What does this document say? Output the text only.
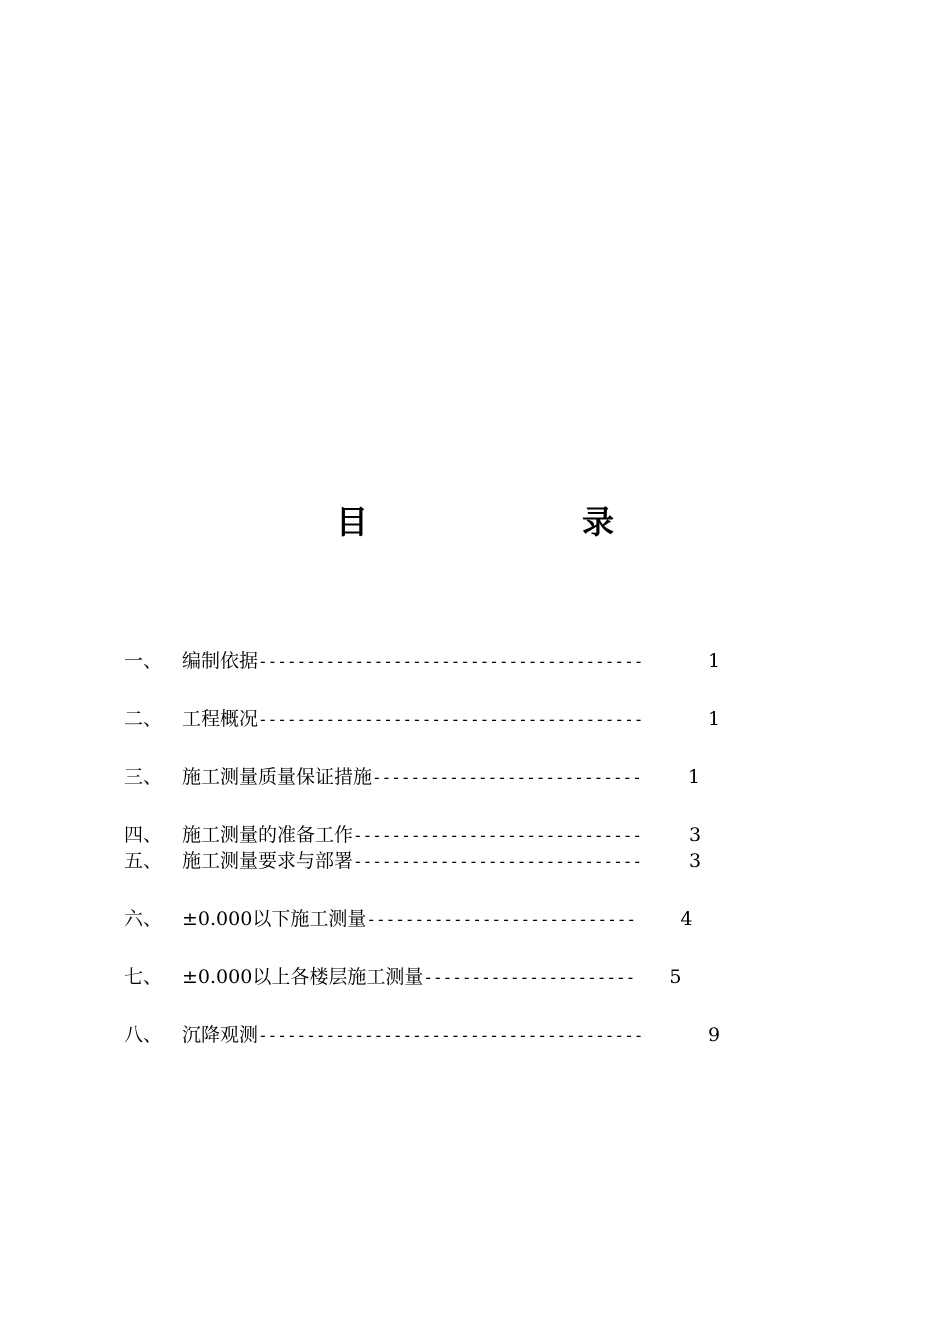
目　　录
一、	编制依据 ----------------------------------------	1
二、	工程概况 ----------------------------------------	1
三、	施工测量质量保证措施 ----------------------------	1
四、	施工测量的准备工作 ------------------------------	3
五、	施工测量要求与部署 ------------------------------	3
六、	±0.000以下施工测量 ----------------------------	4
七、	±0.000以上各楼层施工测量 ----------------------	5
八、	沉降观测 ----------------------------------------	9
